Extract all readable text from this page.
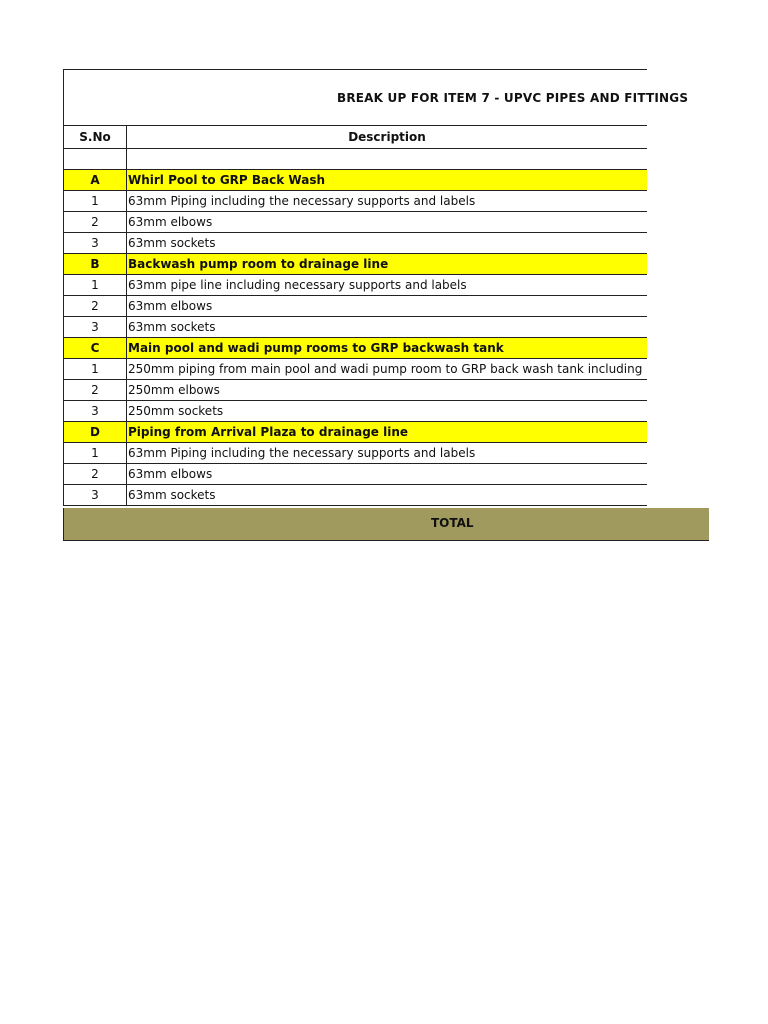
BREAK UP FOR ITEM 7 - UPVC PIPES AND FITTINGS
S.No	Description
A	Whirl Pool to GRP Back Wash
1	63mm Piping including the necessary supports and labels
2	63mm elbows
3	63mm sockets
B	Backwash pump room to drainage line
1	63mm pipe line including necessary supports and labels
2	63mm elbows
3	63mm sockets
C	Main pool and wadi pump rooms to GRP backwash tank
1	250mm piping from main pool and wadi pump room to GRP back wash tank including
2	250mm elbows
3	250mm sockets
D	Piping from Arrival Plaza to drainage line
1	63mm Piping including the necessary supports and labels
2	63mm elbows
3	63mm sockets
TOTAL
